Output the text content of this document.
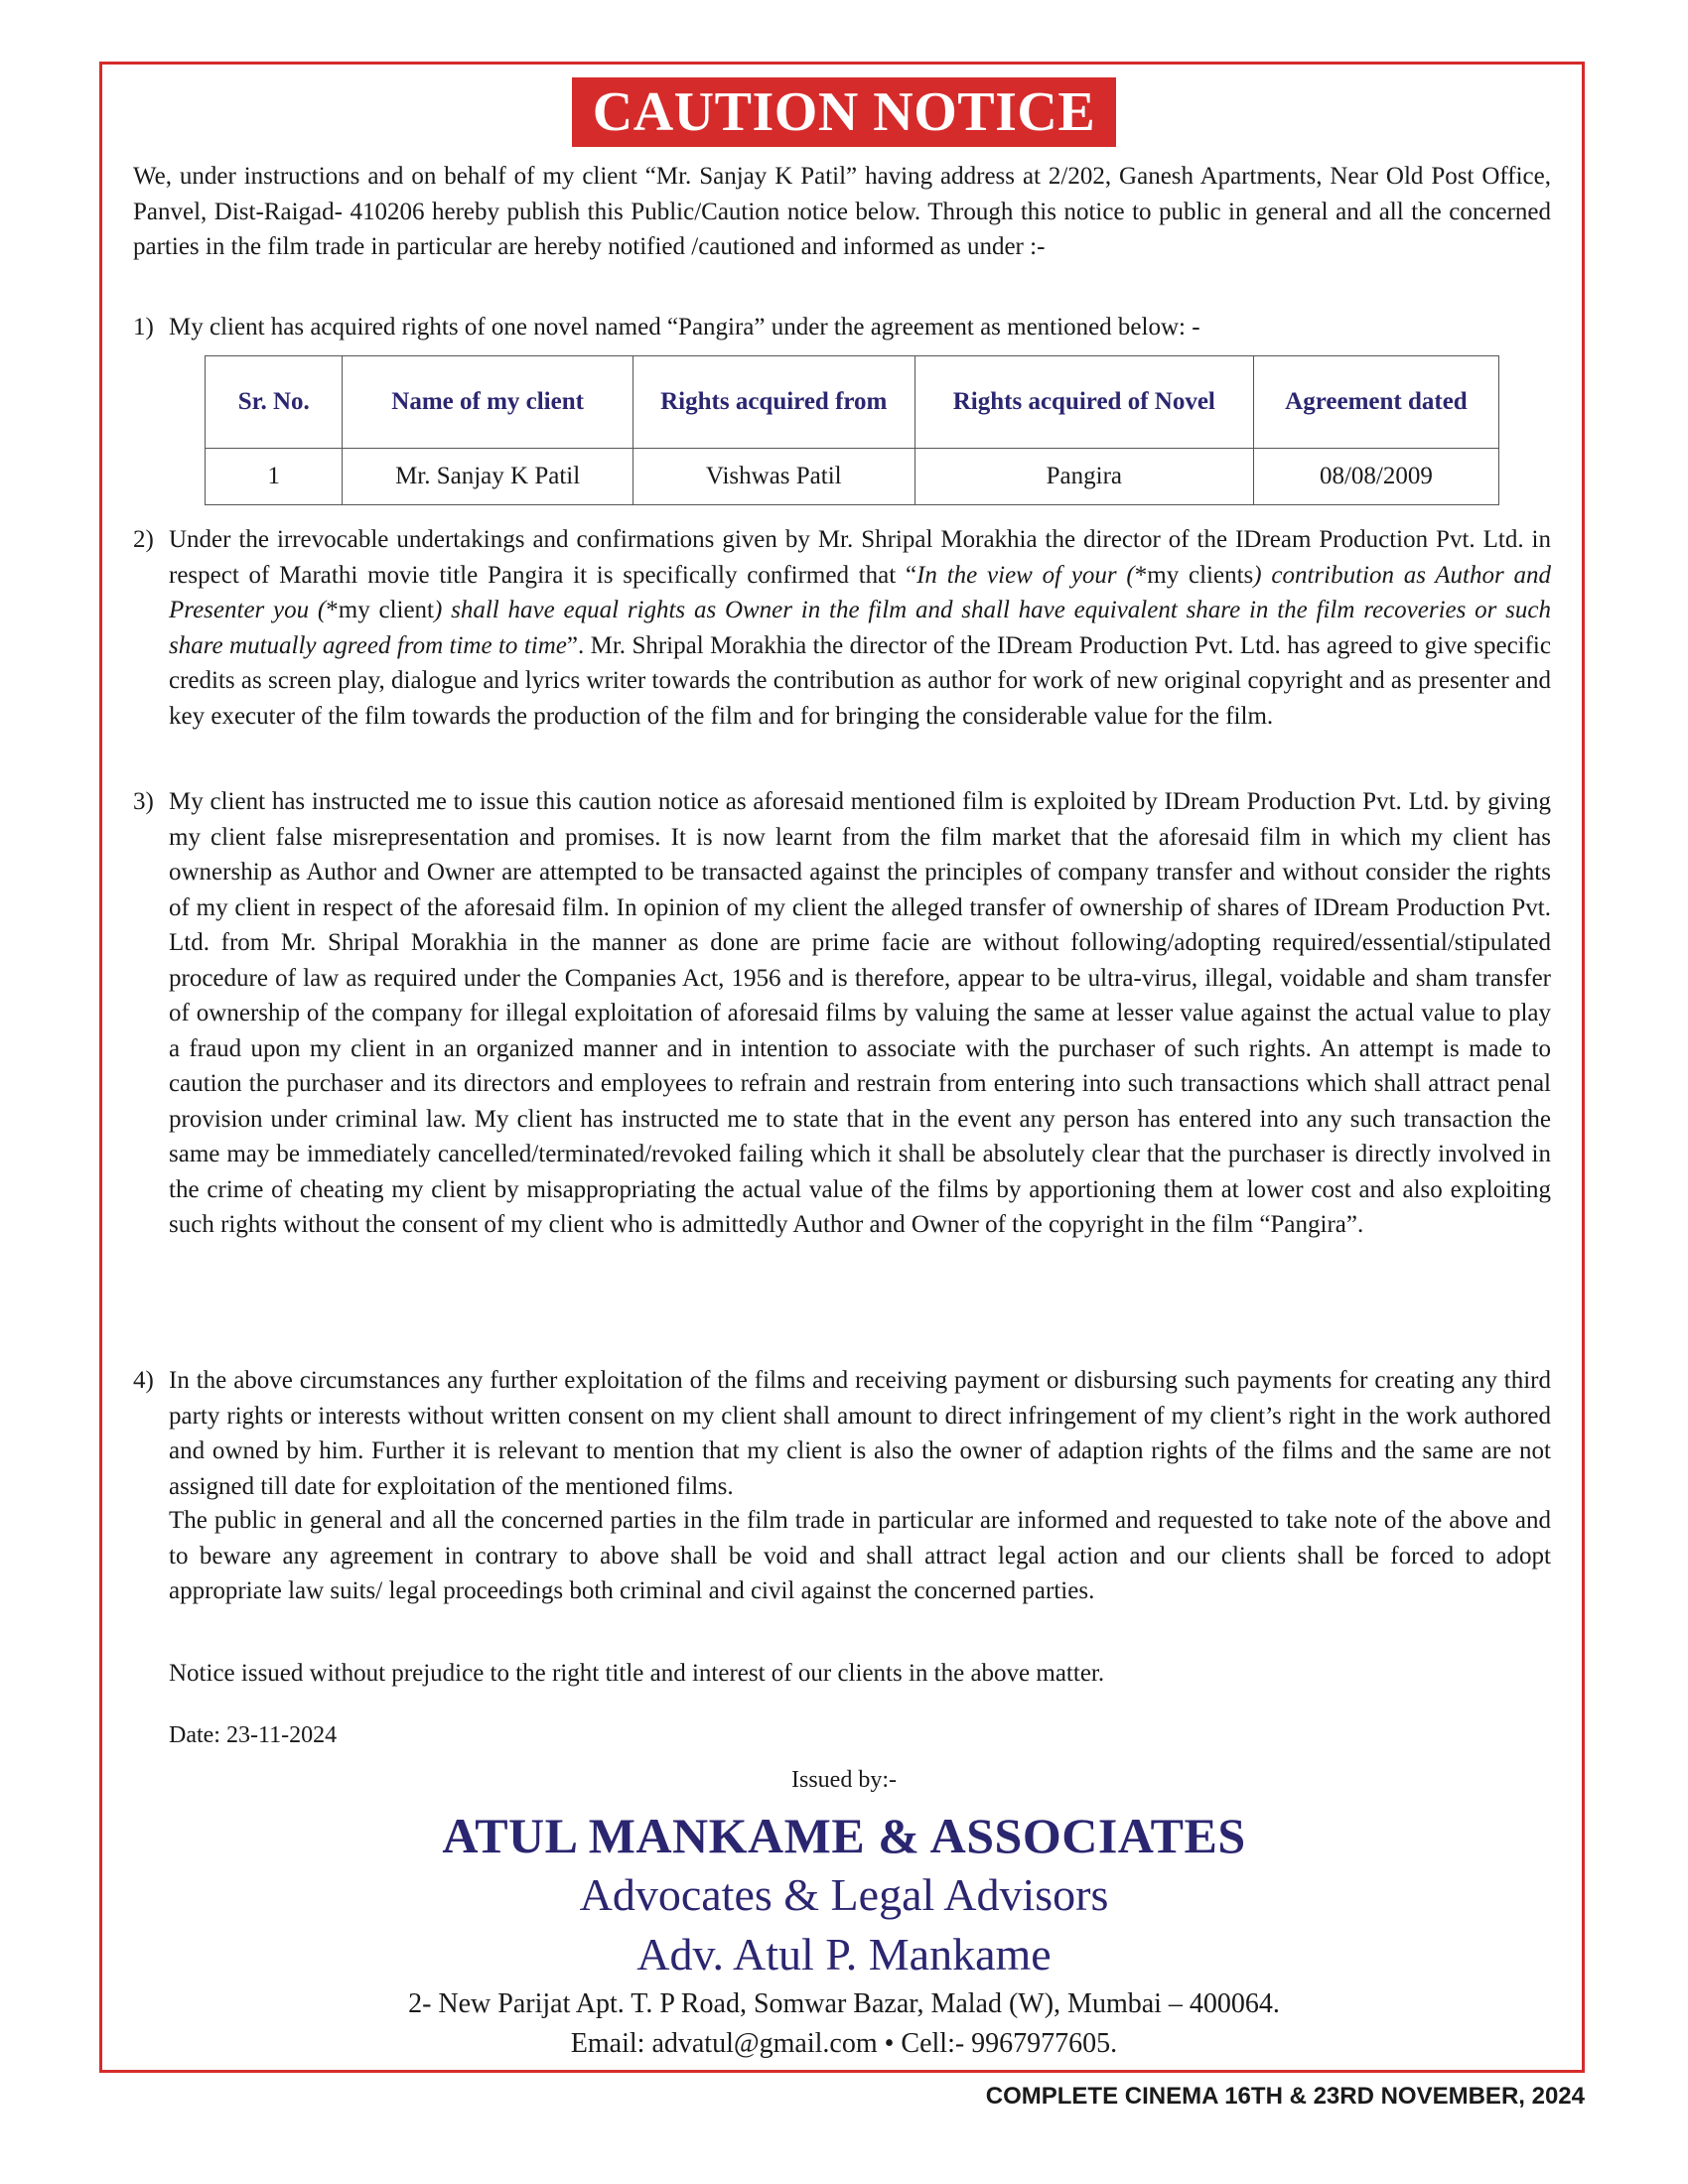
CAUTION NOTICE
We, under instructions and on behalf of my client “Mr. Sanjay K Patil” having address at 2/202, Ganesh Apartments, Near Old Post Office, Panvel, Dist-Raigad- 410206 hereby publish this Public/Caution notice below. Through this notice to public in general and all the concerned parties in the film trade in particular are hereby notified /cautioned and informed as under :-
1) My client has acquired rights of one novel named “Pangira” under the agreement as mentioned below: -
Sr. No.	Name of my client	Rights acquired from	Rights acquired of Novel	Agreement dated
1	Mr. Sanjay K Patil	Vishwas Patil	Pangira	08/08/2009
2) Under the irrevocable undertakings and confirmations given by Mr. Shripal Morakhia the director of the IDream Production Pvt. Ltd. in respect of Marathi movie title Pangira it is specifically confirmed that “In the view of your (*my clients) contribution as Author and Presenter you (*my client) shall have equal rights as Owner in the film and shall have equivalent share in the film recoveries or such share mutually agreed from time to time”. Mr. Shripal Morakhia the director of the IDream Production Pvt. Ltd. has agreed to give specific credits as screen play, dialogue and lyrics writer towards the contribution as author for work of new original copyright and as presenter and key executer of the film towards the production of the film and for bringing the considerable value for the film.
3) My client has instructed me to issue this caution notice as aforesaid mentioned film is exploited by IDream Production Pvt. Ltd. by giving my client false misrepresentation and promises. It is now learnt from the film market that the aforesaid film in which my client has ownership as Author and Owner are attempted to be transacted against the principles of company transfer and without consider the rights of my client in respect of the aforesaid film. In opinion of my client the alleged transfer of ownership of shares of IDream Production Pvt. Ltd. from Mr. Shripal Morakhia in the manner as done are prime facie are without following/adopting required/essential/stipulated procedure of law as required under the Companies Act, 1956 and is therefore, appear to be ultra-virus, illegal, voidable and sham transfer of ownership of the company for illegal exploitation of aforesaid films by valuing the same at lesser value against the actual value to play a fraud upon my client in an organized manner and in intention to associate with the purchaser of such rights. An attempt is made to caution the purchaser and its directors and employees to refrain and restrain from entering into such transactions which shall attract penal provision under criminal law. My client has instructed me to state that in the event any person has entered into any such transaction the same may be immediately cancelled/terminated/revoked failing which it shall be absolutely clear that the purchaser is directly involved in the crime of cheating my client by misappropriating the actual value of the films by apportioning them at lower cost and also exploiting such rights without the consent of my client who is admittedly Author and Owner of the copyright in the film “Pangira”.
4) In the above circumstances any further exploitation of the films and receiving payment or disbursing such payments for creating any third party rights or interests without written consent on my client shall amount to direct infringement of my client’s right in the work authored and owned by him. Further it is relevant to mention that my client is also the owner of adaption rights of the films and the same are not assigned till date for exploitation of the mentioned films.
The public in general and all the concerned parties in the film trade in particular are informed and requested to take note of the above and to beware any agreement in contrary to above shall be void and shall attract legal action and our clients shall be forced to adopt appropriate law suits/ legal proceedings both criminal and civil against the concerned parties.
Notice issued without prejudice to the right title and interest of our clients in the above matter.
Date: 23-11-2024
Issued by:-
ATUL MANKAME & ASSOCIATES
Advocates & Legal Advisors
Adv. Atul P. Mankame
2- New Parijat Apt. T. P Road, Somwar Bazar, Malad (W), Mumbai – 400064.
Email: advatul@gmail.com • Cell:- 9967977605.
COMPLETE CINEMA 16TH & 23RD NOVEMBER, 2024
